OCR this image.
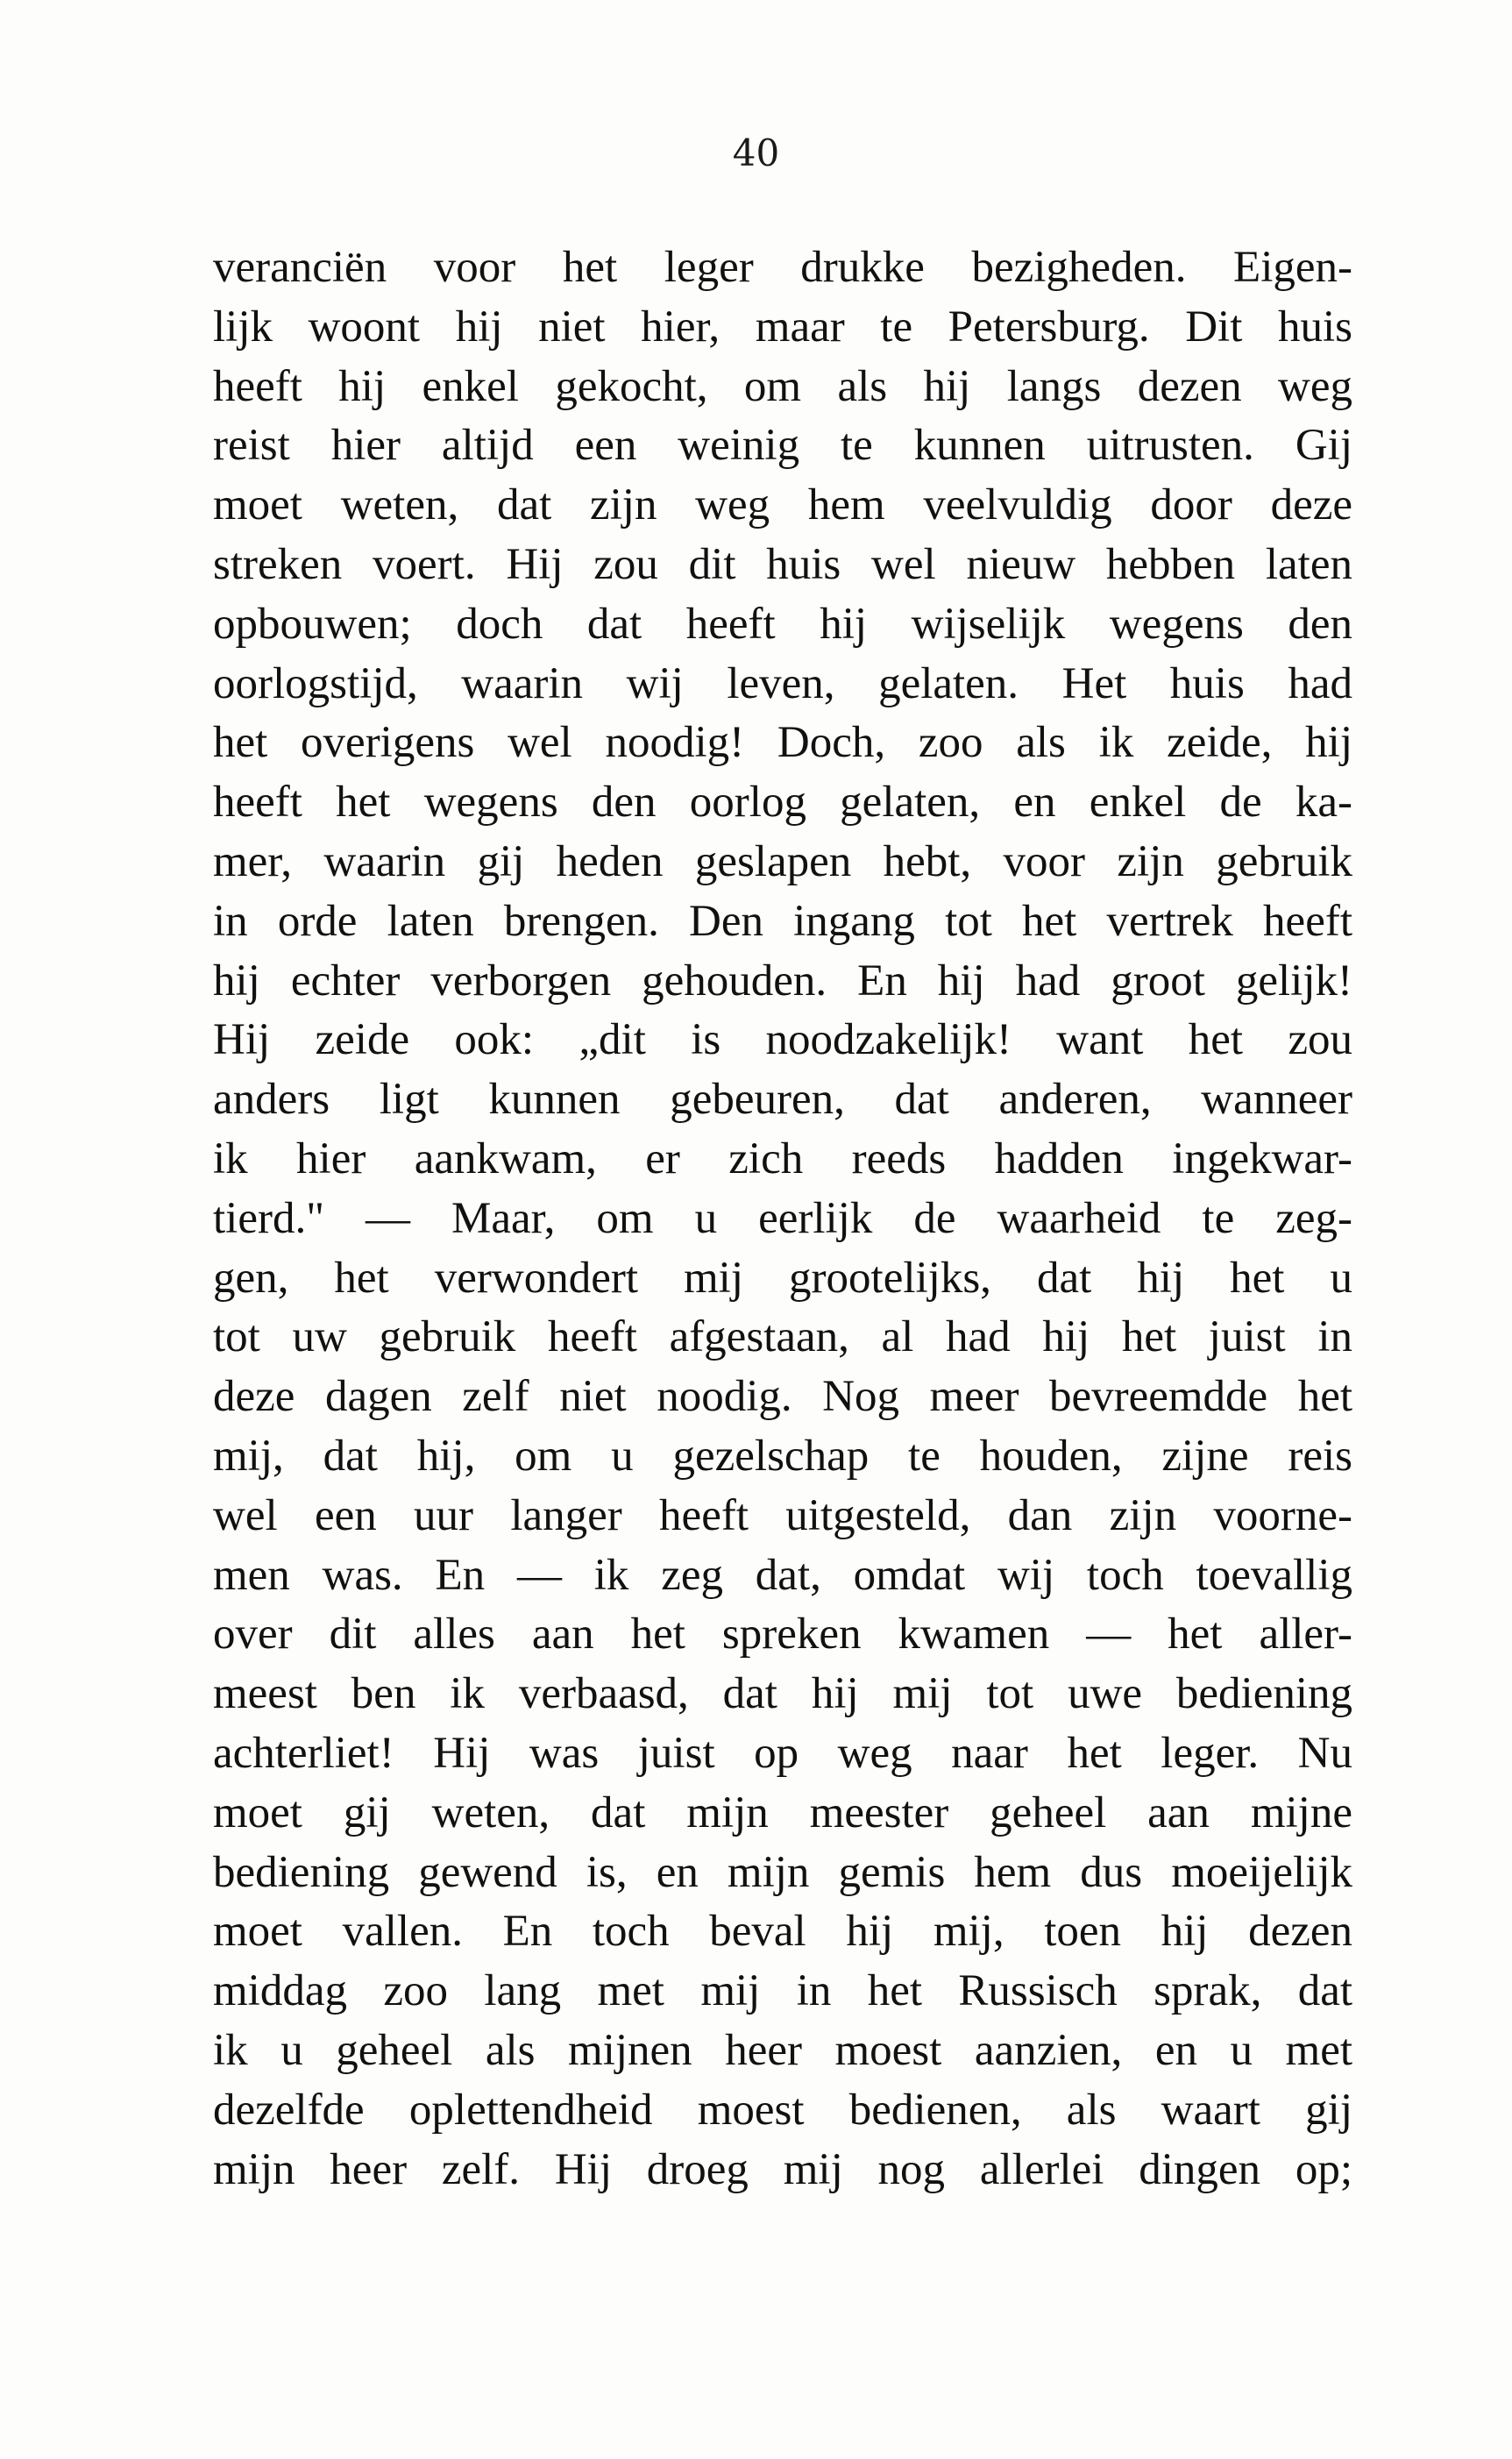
40
veranciën voor het leger drukke bezigheden. Eigen-
lijk woont hij niet hier, maar te Petersburg. Dit huis
heeft hij enkel gekocht, om als hij langs dezen weg
reist hier altijd een weinig te kunnen uitrusten. Gij
moet weten, dat zijn weg hem veelvuldig door deze
streken voert. Hij zou dit huis wel nieuw hebben laten
opbouwen; doch dat heeft hij wijselijk wegens den
oorlogstijd, waarin wij leven, gelaten. Het huis had
het overigens wel noodig! Doch, zoo als ik zeide, hij
heeft het wegens den oorlog gelaten, en enkel de ka-
mer, waarin gij heden geslapen hebt, voor zijn gebruik
in orde laten brengen. Den ingang tot het vertrek heeft
hij echter verborgen gehouden. En hij had groot gelijk!
Hij zeide ook: „dit is noodzakelijk! want het zou
anders ligt kunnen gebeuren, dat anderen, wanneer
ik hier aankwam, er zich reeds hadden ingekwar-
tierd." — Maar, om u eerlijk de waarheid te zeg-
gen, het verwondert mij grootelijks, dat hij het u
tot uw gebruik heeft afgestaan, al had hij het juist in
deze dagen zelf niet noodig. Nog meer bevreemdde het
mij, dat hij, om u gezelschap te houden, zijne reis
wel een uur langer heeft uitgesteld, dan zijn voorne-
men was. En — ik zeg dat, omdat wij toch toevallig
over dit alles aan het spreken kwamen — het aller-
meest ben ik verbaasd, dat hij mij tot uwe bediening
achterliet! Hij was juist op weg naar het leger. Nu
moet gij weten, dat mijn meester geheel aan mijne
bediening gewend is, en mijn gemis hem dus moeijelijk
moet vallen. En toch beval hij mij, toen hij dezen
middag zoo lang met mij in het Russisch sprak, dat
ik u geheel als mijnen heer moest aanzien, en u met
dezelfde oplettendheid moest bedienen, als waart gij
mijn heer zelf. Hij droeg mij nog allerlei dingen op;
